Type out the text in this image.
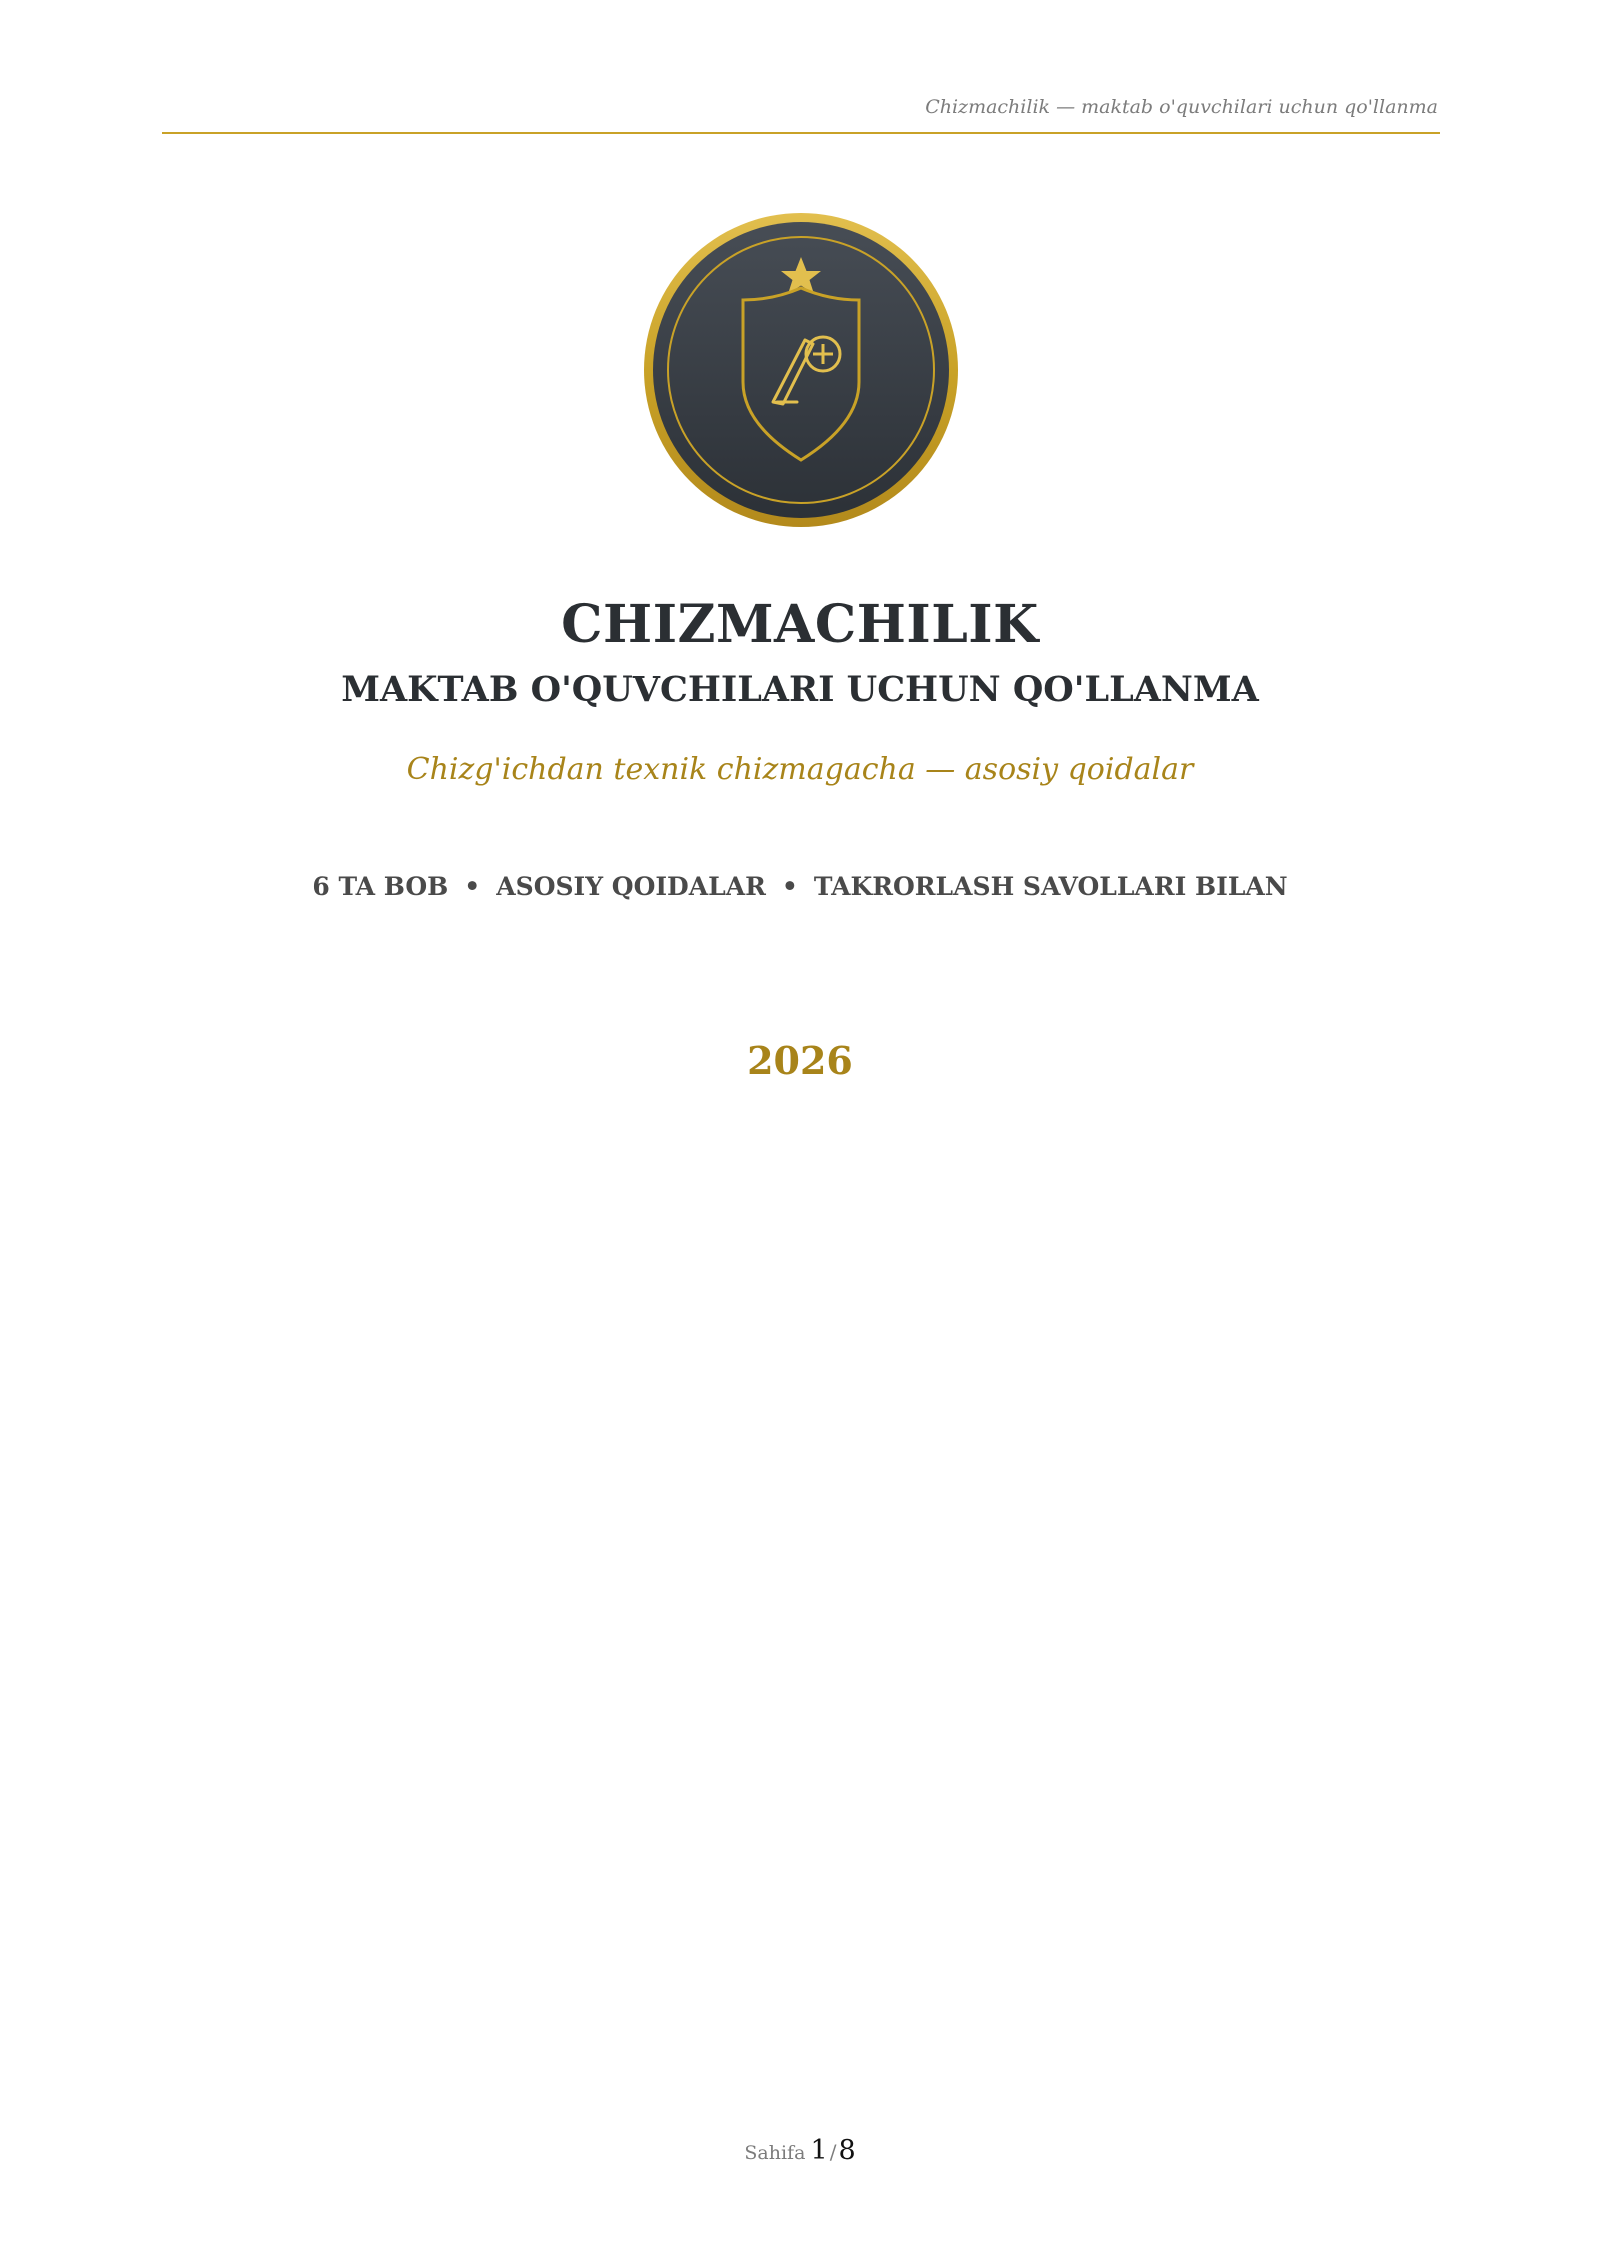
Chizmachilik — maktab o'quvchilari uchun qo'llanma
CHIZMACHILIK
MAKTAB O'QUVCHILARI UCHUN QO'LLANMA
Chizg'ichdan texnik chizmagacha — asosiy qoidalar
6 TA BOB • ASOSIY QOIDALAR • TAKRORLASH SAVOLLARI BILAN
2026
Sahifa 1 /8
